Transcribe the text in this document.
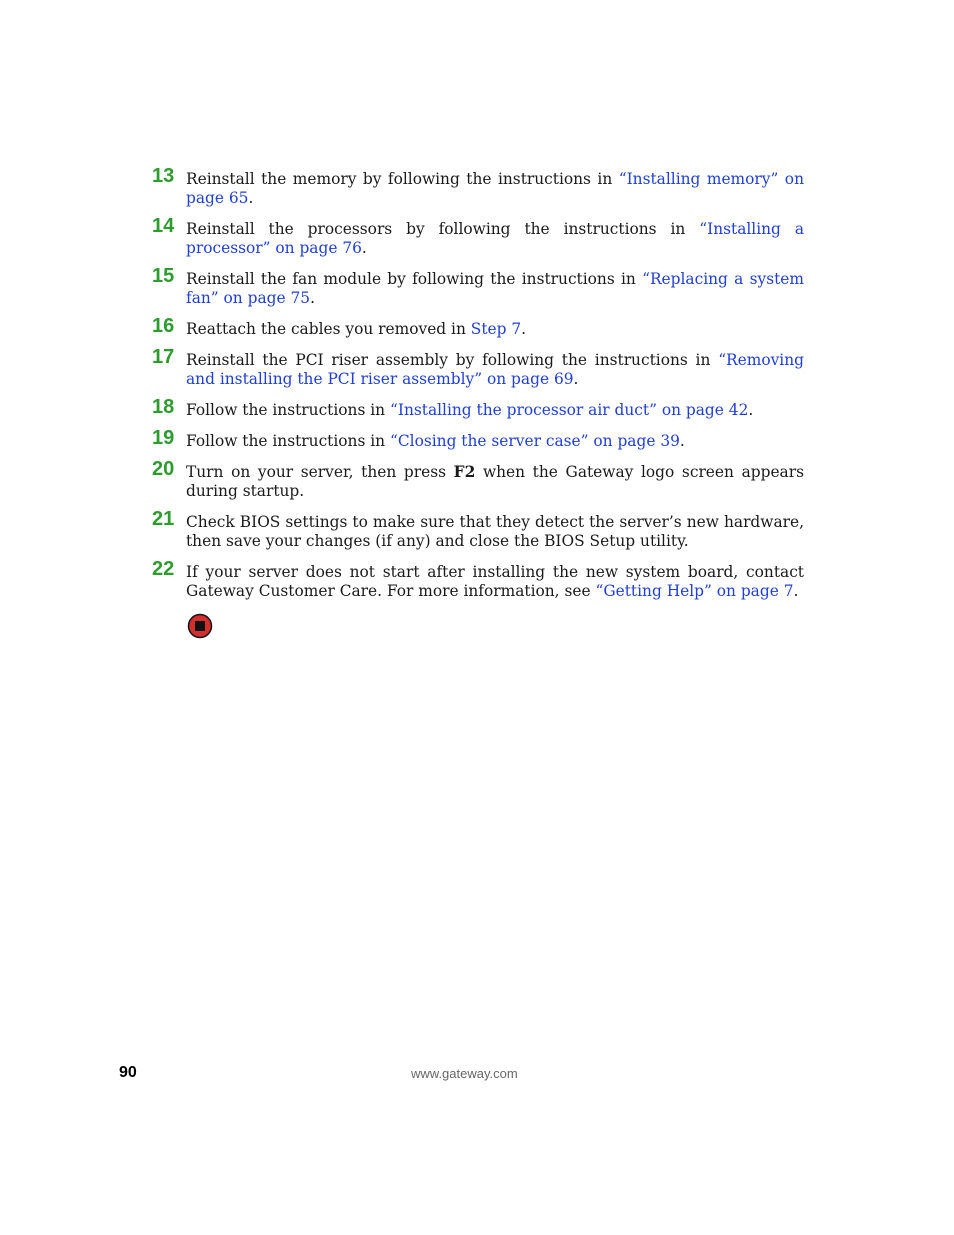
13 Reinstall the memory by following the instructions in “Installing memory” on page 65.
14 Reinstall the processors by following the instructions in “Installing a processor” on page 76.
15 Reinstall the fan module by following the instructions in “Replacing a system fan” on page 75.
16 Reattach the cables you removed in Step 7.
17 Reinstall the PCI riser assembly by following the instructions in “Removing and installing the PCI riser assembly” on page 69.
18 Follow the instructions in “Installing the processor air duct” on page 42.
19 Follow the instructions in “Closing the server case” on page 39.
20 Turn on your server, then press F2 when the Gateway logo screen appears during startup.
21 Check BIOS settings to make sure that they detect the server’s new hardware, then save your changes (if any) and close the BIOS Setup utility.
22 If your server does not start after installing the new system board, contact Gateway Customer Care. For more information, see “Getting Help” on page 7.
90	www.gateway.com
